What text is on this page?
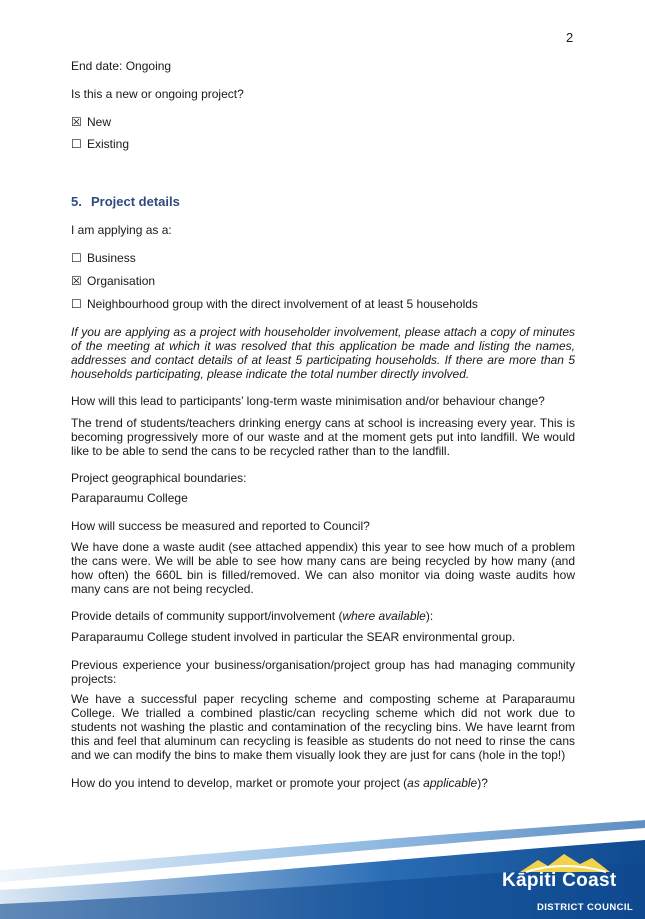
2
End date: Ongoing
Is this a new or ongoing project?
☒ New
☐ Existing
5. Project details
I am applying as a:
☐ Business
☒ Organisation
☐ Neighbourhood group with the direct involvement of at least 5 households
If you are applying as a project with householder involvement, please attach a copy of minutes of the meeting at which it was resolved that this application be made and listing the names, addresses and contact details of at least 5 participating households. If there are more than 5 households participating, please indicate the total number directly involved.
How will this lead to participants’ long-term waste minimisation and/or behaviour change?
The trend of students/teachers drinking energy cans at school is increasing every year. This is becoming progressively more of our waste and at the moment gets put into landfill. We would like to be able to send the cans to be recycled rather than to the landfill.
Project geographical boundaries:
Paraparaumu College
How will success be measured and reported to Council?
We have done a waste audit (see attached appendix) this year to see how much of a problem the cans were. We will be able to see how many cans are being recycled by how many (and how often) the 660L bin is filled/removed. We can also monitor via doing waste audits how many cans are not being recycled.
Provide details of community support/involvement (where available):
Paraparaumu College student involved in particular the SEAR environmental group.
Previous experience your business/organisation/project group has had managing community projects:
We have a successful paper recycling scheme and composting scheme at Paraparaumu College. We trialled a combined plastic/can recycling scheme which did not work due to students not washing the plastic and contamination of the recycling bins. We have learnt from this and feel that aluminum can recycling is feasible as students do not need to rinse the cans and we can modify the bins to make them visually look they are just for cans (hole in the top!)
How do you intend to develop, market or promote your project (as applicable)?
Kāpiti Coast
DISTRICT COUNCIL
